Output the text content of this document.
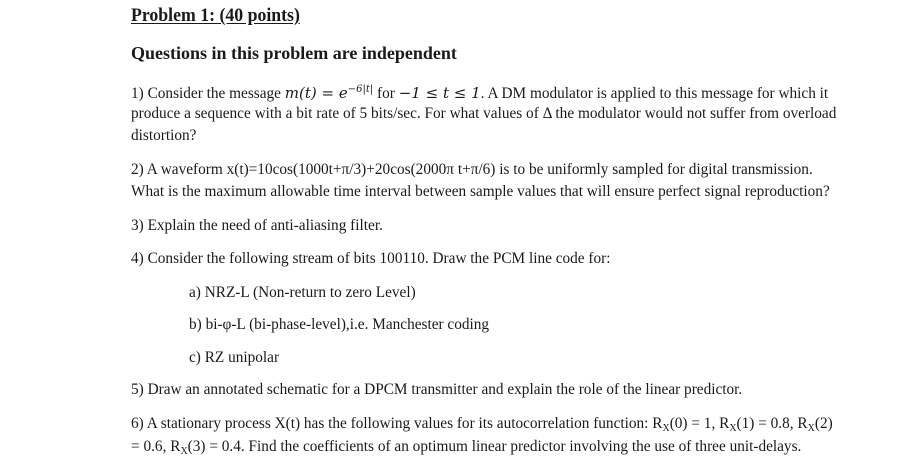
Problem 1: (40 points)
Questions in this problem are independent
1) Consider the message $m(t) = e^{-6|t|}$ for −1 ≤ t ≤ 1. A DM modulator is applied to this message for which it
produce a sequence with a bit rate of 5 bits/sec. For what values of Δ the modulator would not suffer from overload
distortion?
2) A waveform x(t)=10cos(1000t+π/3)+20cos(2000π t+π/6) is to be uniformly sampled for digital transmission.
What is the maximum allowable time interval between sample values that will ensure perfect signal reproduction?
3) Explain the need of anti-aliasing filter.
4) Consider the following stream of bits 100110. Draw the PCM line code for:
a) NRZ-L (Non-return to zero Level)
b) bi-φ-L (bi-phase-level),i.e. Manchester coding
c) RZ unipolar
5) Draw an annotated schematic for a DPCM transmitter and explain the role of the linear predictor.
6) A stationary process X(t) has the following values for its autocorrelation function: $R_X(0) = 1$, $R_X(1) = 0.8$, $R_X(2)$
= 0.6, $R_X(3) = 0.4$. Find the coefficients of an optimum linear predictor involving the use of three unit-delays.
